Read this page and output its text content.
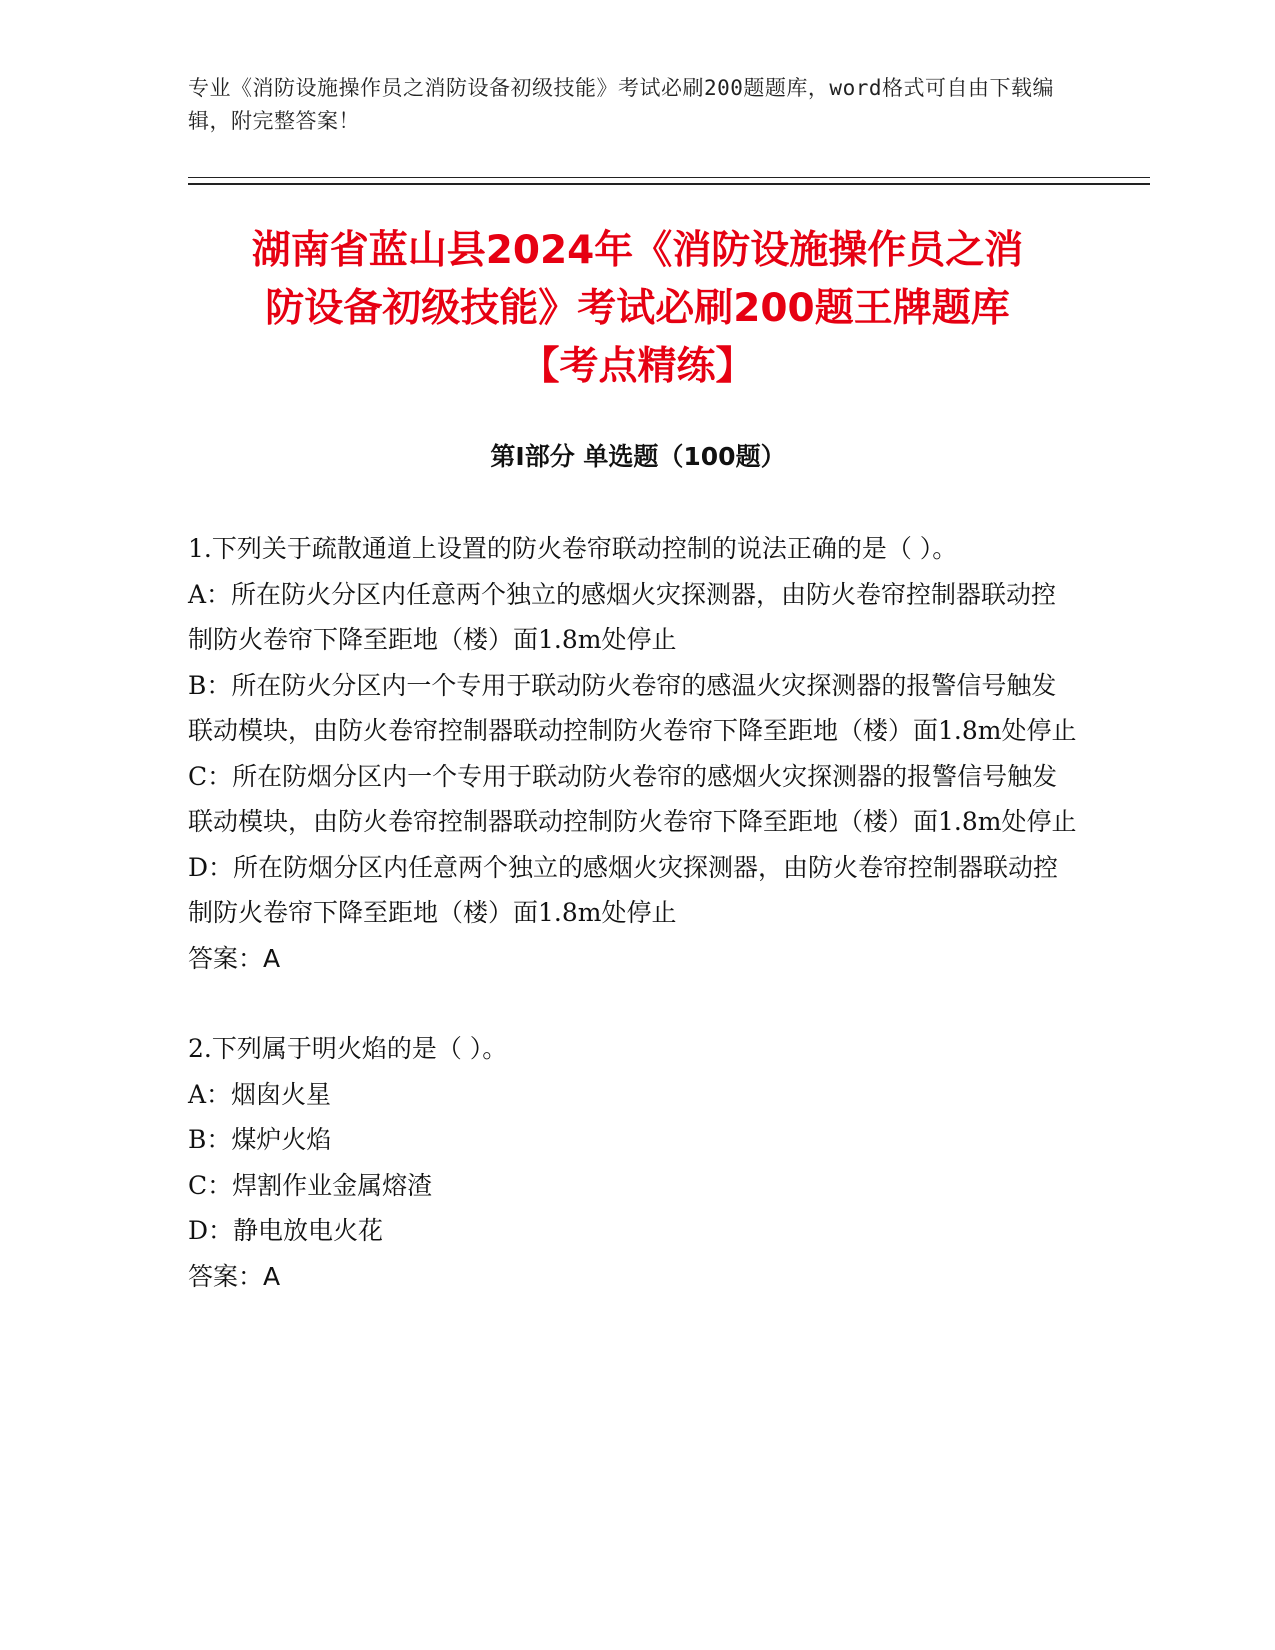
专业《消防设施操作员之消防设备初级技能》考试必刷200题题库，word格式可自由下载编辑，附完整答案！
湖南省蓝山县2024年《消防设施操作员之消
防设备初级技能》考试必刷200题王牌题库
【考点精练】
第I部分 单选题（100题）

1.下列关于疏散通道上设置的防火卷帘联动控制的说法正确的是（ ）。

A：所在防火分区内任意两个独立的感烟火灾探测器，由防火卷帘控制器联动控制防火卷帘下降至距地（楼）面1.8m处停止

B：所在防火分区内一个专用于联动防火卷帘的感温火灾探测器的报警信号触发联动模块，由防火卷帘控制器联动控制防火卷帘下降至距地（楼）面1.8m处停止

C：所在防烟分区内一个专用于联动防火卷帘的感烟火灾探测器的报警信号触发联动模块，由防火卷帘控制器联动控制防火卷帘下降至距地（楼）面1.8m处停止

D：所在防烟分区内任意两个独立的感烟火灾探测器，由防火卷帘控制器联动控制防火卷帘下降至距地（楼）面1.8m处停止

答案：A

2.下列属于明火焰的是（ ）。

A：烟囱火星

B：煤炉火焰

C：焊割作业金属熔渣

D：静电放电火花

答案：A
